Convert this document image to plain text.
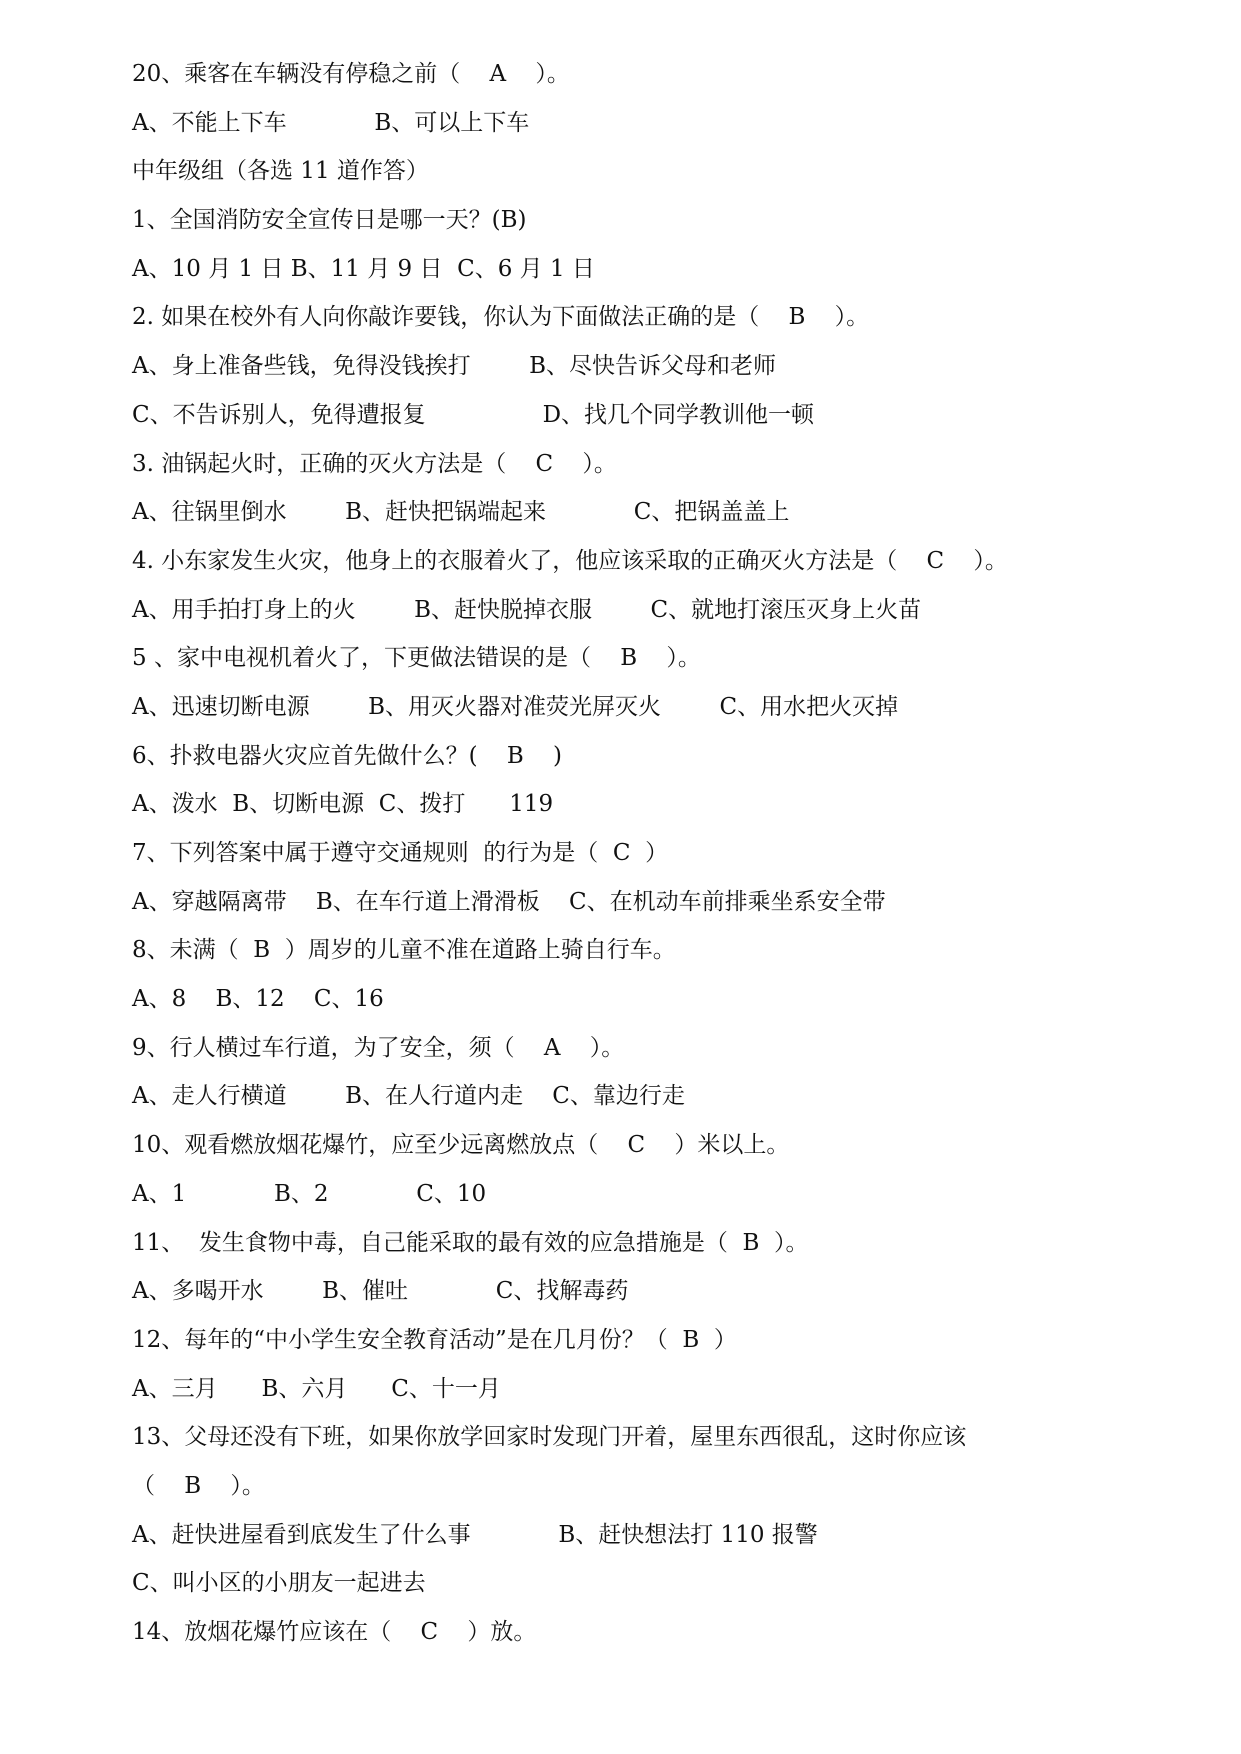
20、乘客在车辆没有停稳之前（    A    ）。

A、不能上下车            B、可以上下车

中年级组（各选 11 道作答）

1、全国消防安全宣传日是哪一天？(B)

A、10 月 1 日 B、11 月 9 日  C、6 月 1 日

2. 如果在校外有人向你敲诈要钱，你认为下面做法正确的是（    B    ）。

A、身上准备些钱，免得没钱挨打        B、尽快告诉父母和老师

C、不告诉别人，免得遭报复                D、找几个同学教训他一顿

3. 油锅起火时，正确的灭火方法是（    C    ）。

A、往锅里倒水        B、赶快把锅端起来            C、把锅盖盖上

4. 小东家发生火灾，他身上的衣服着火了，他应该采取的正确灭火方法是（    C    ）。

A、用手拍打身上的火        B、赶快脱掉衣服        C、就地打滚压灭身上火苗

5 、家中电视机着火了，下更做法错误的是（    B    ）。

A、迅速切断电源        B、用灭火器对准荧光屏灭火        C、用水把火灭掉

6、扑救电器火灾应首先做什么？(    B    )

A、泼水  B、切断电源  C、拨打      119

7、下列答案中属于遵守交通规则  的行为是（  C  ）

A、穿越隔离带    B、在车行道上滑滑板    C、在机动车前排乘坐系安全带

8、未满（  B  ）周岁的儿童不准在道路上骑自行车。

A、8    B、12    C、16

9、行人横过车行道，为了安全，须（    A    ）。

A、走人行横道        B、在人行道内走    C、靠边行走

10、观看燃放烟花爆竹，应至少远离燃放点（    C    ）米以上。

A、1            B、2            C、10

11、  发生食物中毒，自己能采取的最有效的应急措施是（  B  ）。

A、多喝开水        B、催吐            C、找解毒药

12、每年的“中小学生安全教育活动”是在几月份？（  B  ）

A、三月      B、六月      C、十一月

13、父母还没有下班，如果你放学回家时发现门开着，屋里东西很乱，这时你应该

（    B    ）。

A、赶快进屋看到底发生了什么事            B、赶快想法打 110 报警

C、叫小区的小朋友一起进去

14、放烟花爆竹应该在（    C    ）放。
